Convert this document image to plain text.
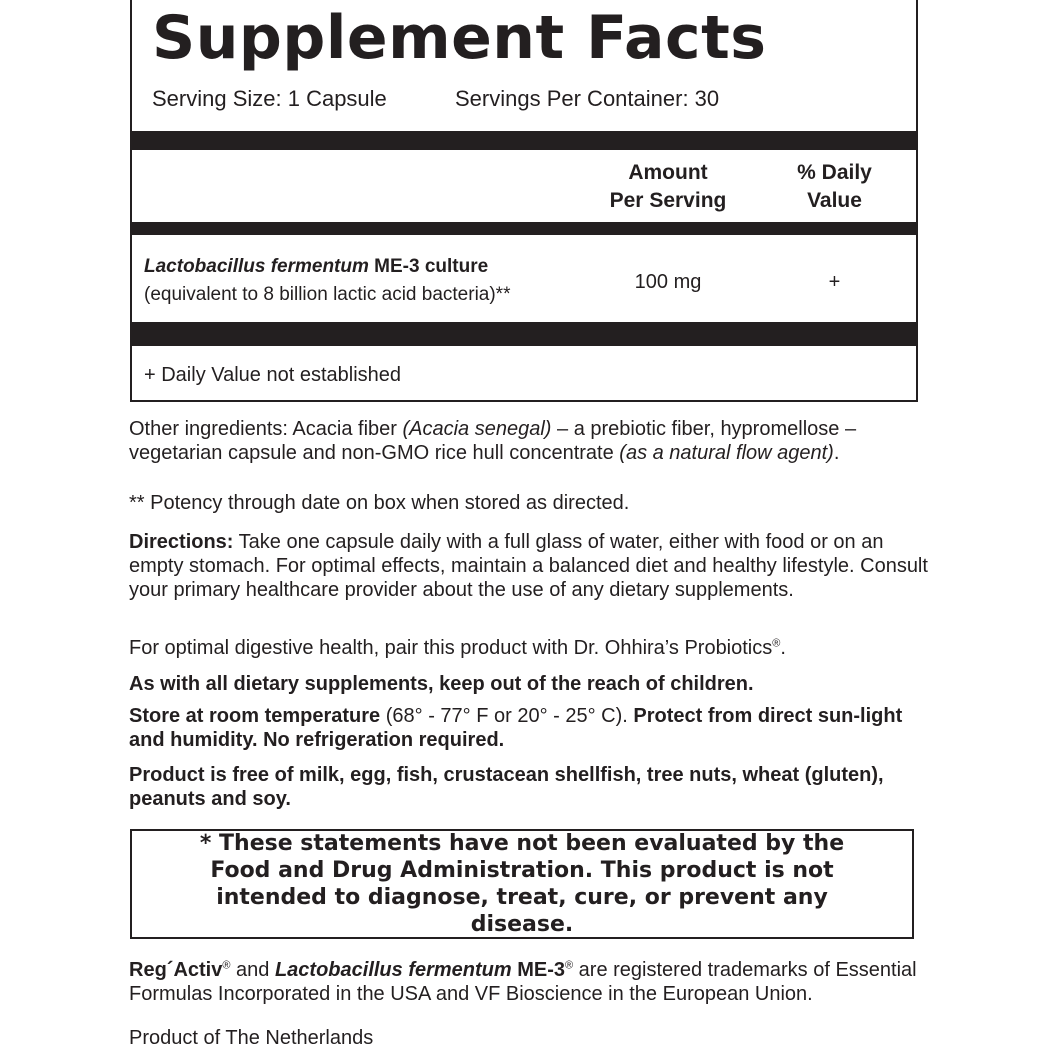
Supplement Facts
Serving Size: 1 Capsule	Servings Per Container: 30
Amount
Per Serving
% Daily
Value
Lactobacillus fermentum ME-3 culture
(equivalent to 8 billion lactic acid bacteria)**
100 mg	+
+ Daily Value not established
Other ingredients: Acacia fiber (Acacia senegal) – a prebiotic fiber, hypromellose – vegetarian capsule and non-GMO rice hull concentrate (as a natural flow agent).
** Potency through date on box when stored as directed.
Directions: Take one capsule daily with a full glass of water, either with food or on an empty stomach. For optimal effects, maintain a balanced diet and healthy lifestyle. Consult your primary healthcare provider about the use of any dietary supplements.
For optimal digestive health, pair this product with Dr. Ohhira’s Probiotics®.
As with all dietary supplements, keep out of the reach of children.
Store at room temperature (68° - 77° F or 20° - 25° C). Protect from direct sun-light and humidity. No refrigeration required.
Product is free of milk, egg, fish, crustacean shellfish, tree nuts, wheat (gluten), peanuts and soy.
* These statements have not been evaluated by the Food and Drug Administration. This product is not intended to diagnose, treat, cure, or prevent any disease.
Reg´Activ® and Lactobacillus fermentum ME-3® are registered trademarks of Essential Formulas Incorporated in the USA and VF Bioscience in the European Union.
Product of The Netherlands
